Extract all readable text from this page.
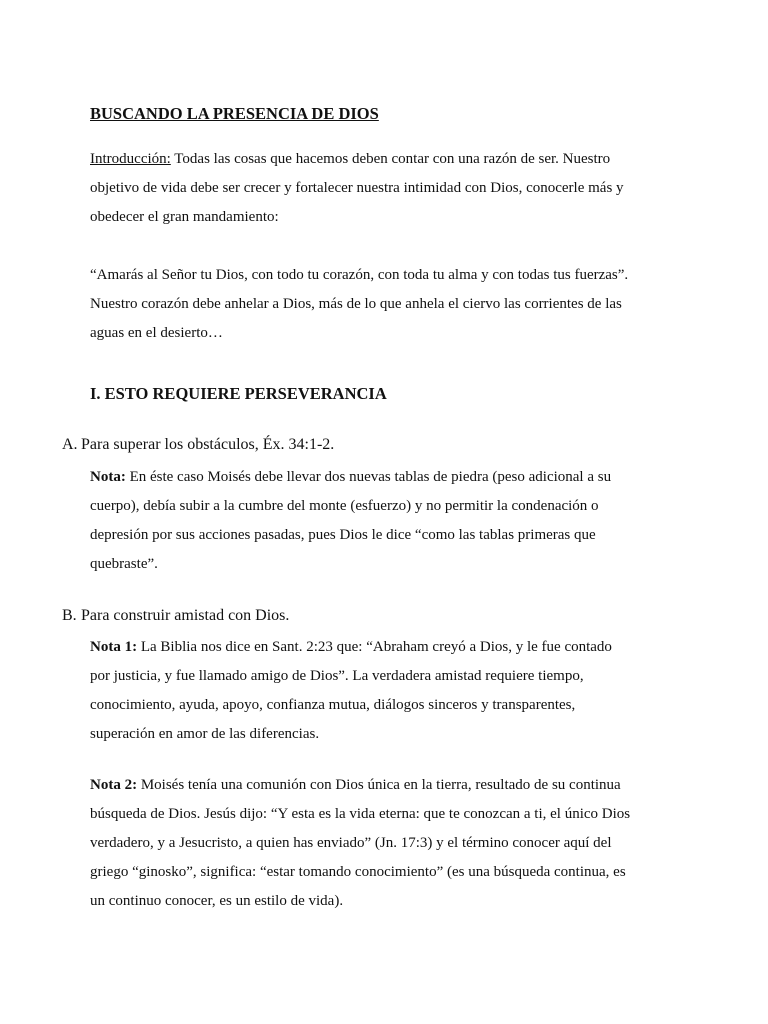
BUSCANDO LA PRESENCIA DE DIOS

Introducción: Todas las cosas que hacemos deben contar con una razón de ser. Nuestro
objetivo de vida debe ser crecer y fortalecer nuestra intimidad con Dios, conocerle más y
obedecer el gran mandamiento:

“Amarás al Señor tu Dios, con todo tu corazón, con toda tu alma y con todas tus fuerzas”.
Nuestro corazón debe anhelar a Dios, más de lo que anhela el ciervo las corrientes de las
aguas en el desierto…

I. ESTO REQUIERE PERSEVERANCIA
A. Para superar los obstáculos, Éx. 34:1-2.

Nota: En éste caso Moisés debe llevar dos nuevas tablas de piedra (peso adicional a su
cuerpo), debía subir a la cumbre del monte (esfuerzo) y no permitir la condenación o
depresión por sus acciones pasadas, pues Dios le dice “como las tablas primeras que
quebraste”.

B. Para construir amistad con Dios.

Nota 1: La Biblia nos dice en Sant. 2:23 que: “Abraham creyó a Dios, y le fue contado
por justicia, y fue llamado amigo de Dios”. La verdadera amistad requiere tiempo,
conocimiento, ayuda, apoyo, confianza mutua, diálogos sinceros y transparentes,
superación en amor de las diferencias.

Nota 2: Moisés tenía una comunión con Dios única en la tierra, resultado de su continua
búsqueda de Dios. Jesús dijo: “Y esta es la vida eterna: que te conozcan a ti, el único Dios
verdadero, y a Jesucristo, a quien has enviado” (Jn. 17:3) y el término conocer aquí del
griego “ginosko”, significa: “estar tomando conocimiento” (es una búsqueda continua, es
un continuo conocer, es un estilo de vida).
